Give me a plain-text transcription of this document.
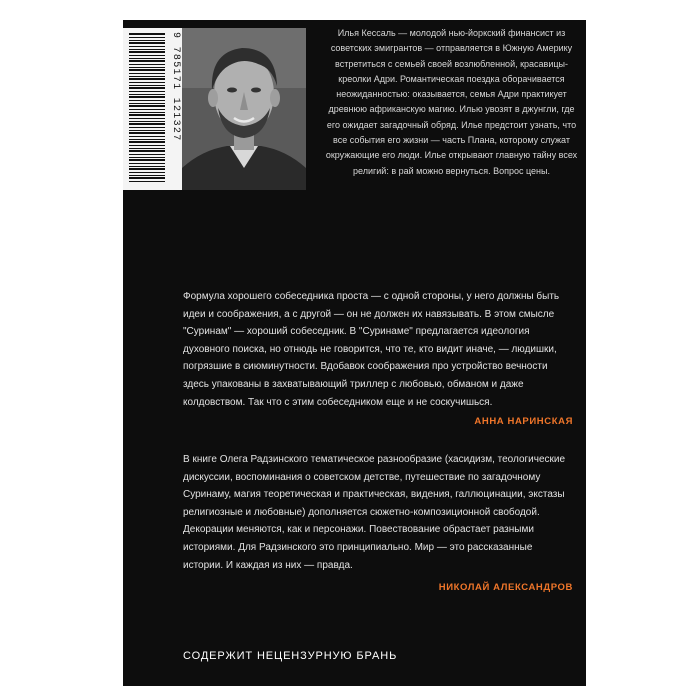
9 785171 121327	Илья Кессаль — молодой нью-йоркский финансист из советских эмигрантов — отправляется в Южную Америку встретиться с семьей своей возлюбленной, красавицы-креолки Адри. Романтическая поездка оборачивается неожиданностью: оказывается, семья Адри практикует древнюю африканскую магию. Илью увозят в джунгли, где его ожидает загадочный обряд. Илье предстоит узнать, что все события его жизни — часть Плана, которому служат окружающие его люди. Илье открывают главную тайну всех религий: в рай можно вернуться. Вопрос цены.

Формула хорошего собеседника проста — с одной стороны, у него должны быть идеи и соображения, а с другой — он не должен их навязывать. В этом смысле "Суринам" — хороший собеседник. В "Суринаме" предлагается идеология духовного поиска, но отнюдь не говорится, что те, кто видит иначе, — людишки, погрязшие в сиюминутности. Вдобавок соображения про устройство вечности здесь упакованы в захватывающий триллер с любовью, обманом и даже колдовством. Так что с этим собеседником еще и не соскучишься.

АННА НАРИНСКАЯ

В книге Олега Радзинского тематическое разнообразие (хасидизм, теологические дискуссии, воспоминания о советском детстве, путешествие по загадочному Суринаму, магия теоретическая и практическая, видения, галлюцинации, экстазы религиозные и любовные) дополняется сюжетно-композиционной свободой. Декорации меняются, как и персонажи. Повествование обрастает разными историями. Для Радзинского это принципиально. Мир — это рассказанные истории. И каждая из них — правда.

НИКОЛАЙ АЛЕКСАНДРОВ

СОДЕРЖИТ НЕЦЕНЗУРНУЮ БРАНЬ
